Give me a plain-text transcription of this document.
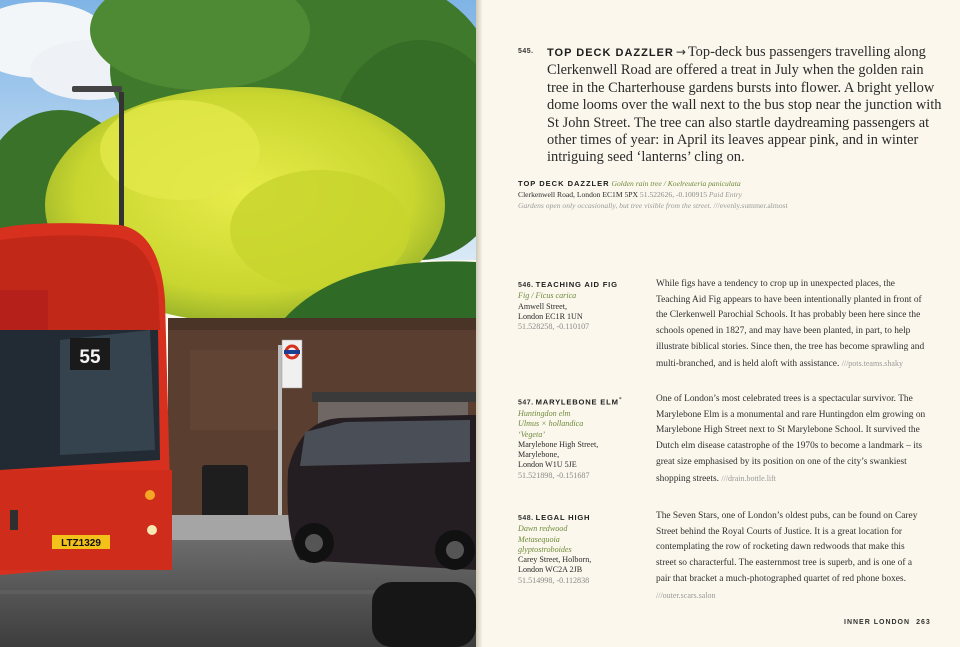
55
LTZ1329
545. TOP DECK DAZZLER → Top-deck bus passengers travelling along Clerkenwell Road are offered a treat in July when the golden rain tree in the Charterhouse gardens bursts into flower. A bright yellow dome looms over the wall next to the bus stop near the junction with St John Street. The tree can also startle daydreaming passengers at other times of year: in April its leaves appear pink, and in winter intriguing seed ‘lanterns’ cling on.
TOP DECK DAZZLER Golden rain tree / Koelreuteria paniculata
Clerkenwell Road, London EC1M 5PX 51.522626, -0.100915 Paid Entry
Gardens open only occasionally, but tree visible from the street. ///evenly.summer.almost
546. TEACHING AID FIG
Fig / Ficus carica
Amwell Street,
London EC1R 1UN
51.528258, -0.110107
While figs have a tendency to crop up in unexpected places, the Teaching Aid Fig appears to have been intentionally planted in front of the Clerkenwell Parochial Schools. It has probably been here since the schools opened in 1827, and may have been planted, in part, to help illustrate biblical stories. Since then, the tree has become sprawling and multi-branched, and is held aloft with assistance. ///pots.teams.shaky
547. MARYLEBONE ELM*
Huntingdon elm
Ulmus × hollandica
‘Vegeta’
Marylebone High Street,
Marylebone,
London W1U 5JE
51.521898, -0.151687
One of London’s most celebrated trees is a spectacular survivor. The Marylebone Elm is a monumental and rare Huntingdon elm growing on Marylebone High Street next to St Marylebone School. It survived the Dutch elm disease catastrophe of the 1970s to become a landmark – its great size emphasised by its position on one of the city’s swankiest shopping streets. ///drain.bottle.lift
548. LEGAL HIGH
Dawn redwood
Metasequoia
glyptostroboides
Carey Street, Holborn,
London WC2A 2JB
51.514998, -0.112838
The Seven Stars, one of London’s oldest pubs, can be found on Carey Street behind the Royal Courts of Justice. It is a great location for contemplating the row of rocketing dawn redwoods that make this street so characterful. The easternmost tree is superb, and is one of a pair that bracket a much-photographed quartet of red phone boxes. ///outer.scars.salon
INNER LONDON 263
